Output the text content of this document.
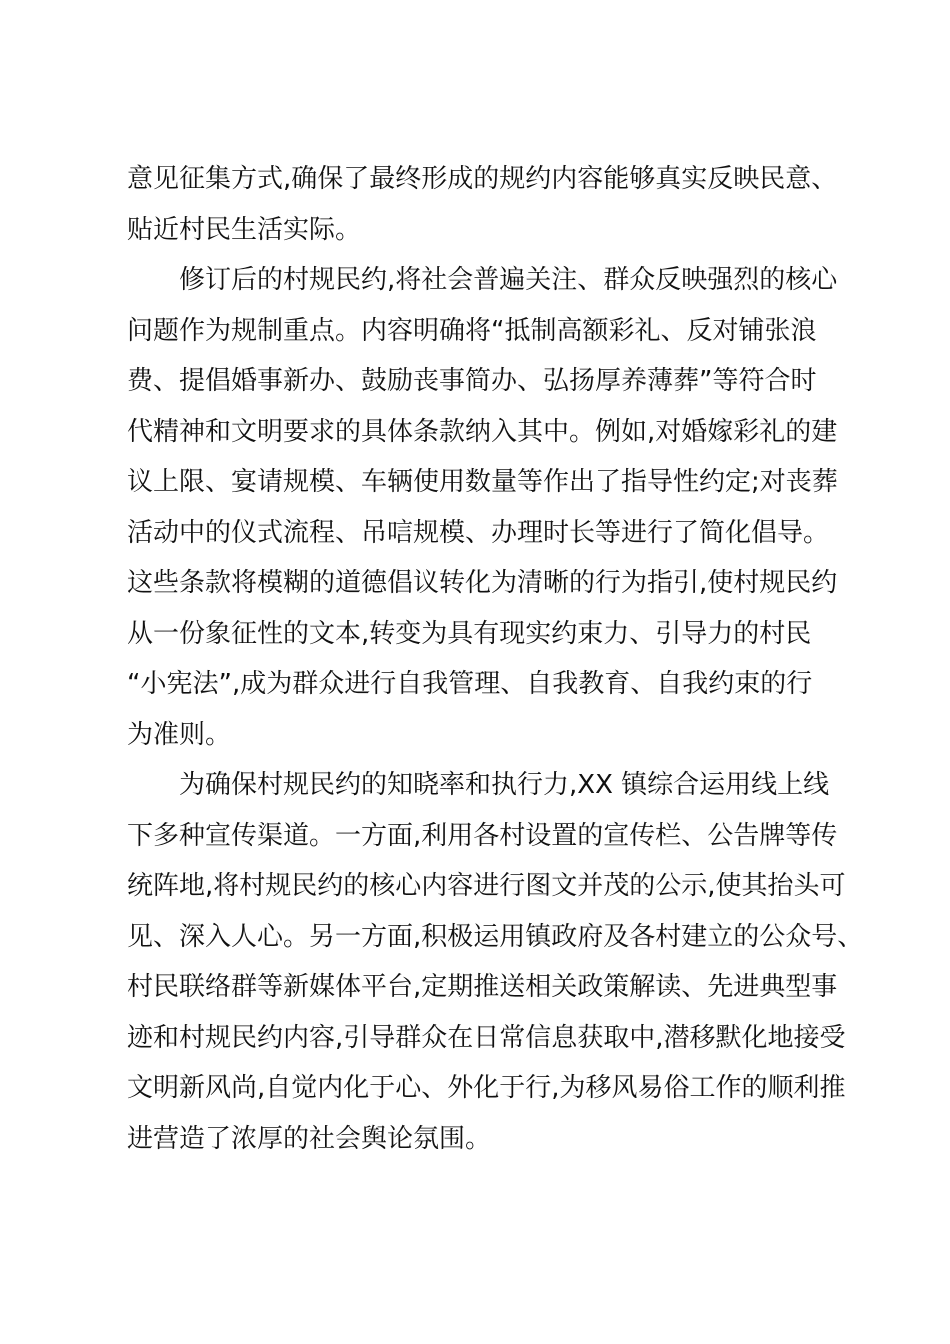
意见征集方式,确保了最终形成的规约内容能够真实反映民意、
贴近村民生活实际。
修订后的村规民约,将社会普遍关注、群众反映强烈的核心
问题作为规制重点。内容明确将“抵制高额彩礼、反对铺张浪
费、提倡婚事新办、鼓励丧事简办、弘扬厚养薄葬”等符合时
代精神和文明要求的具体条款纳入其中。例如,对婚嫁彩礼的建
议上限、宴请规模、车辆使用数量等作出了指导性约定;对丧葬
活动中的仪式流程、吊唁规模、办理时长等进行了简化倡导。
这些条款将模糊的道德倡议转化为清晰的行为指引,使村规民约
从一份象征性的文本,转变为具有现实约束力、引导力的村民
“小宪法”,成为群众进行自我管理、自我教育、自我约束的行
为准则。
为确保村规民约的知晓率和执行力,XX 镇综合运用线上线
下多种宣传渠道。一方面,利用各村设置的宣传栏、公告牌等传
统阵地,将村规民约的核心内容进行图文并茂的公示,使其抬头可
见、深入人心。另一方面,积极运用镇政府及各村建立的公众号、
村民联络群等新媒体平台,定期推送相关政策解读、先进典型事
迹和村规民约内容,引导群众在日常信息获取中,潜移默化地接受
文明新风尚,自觉内化于心、外化于行,为移风易俗工作的顺利推
进营造了浓厚的社会舆论氛围。
